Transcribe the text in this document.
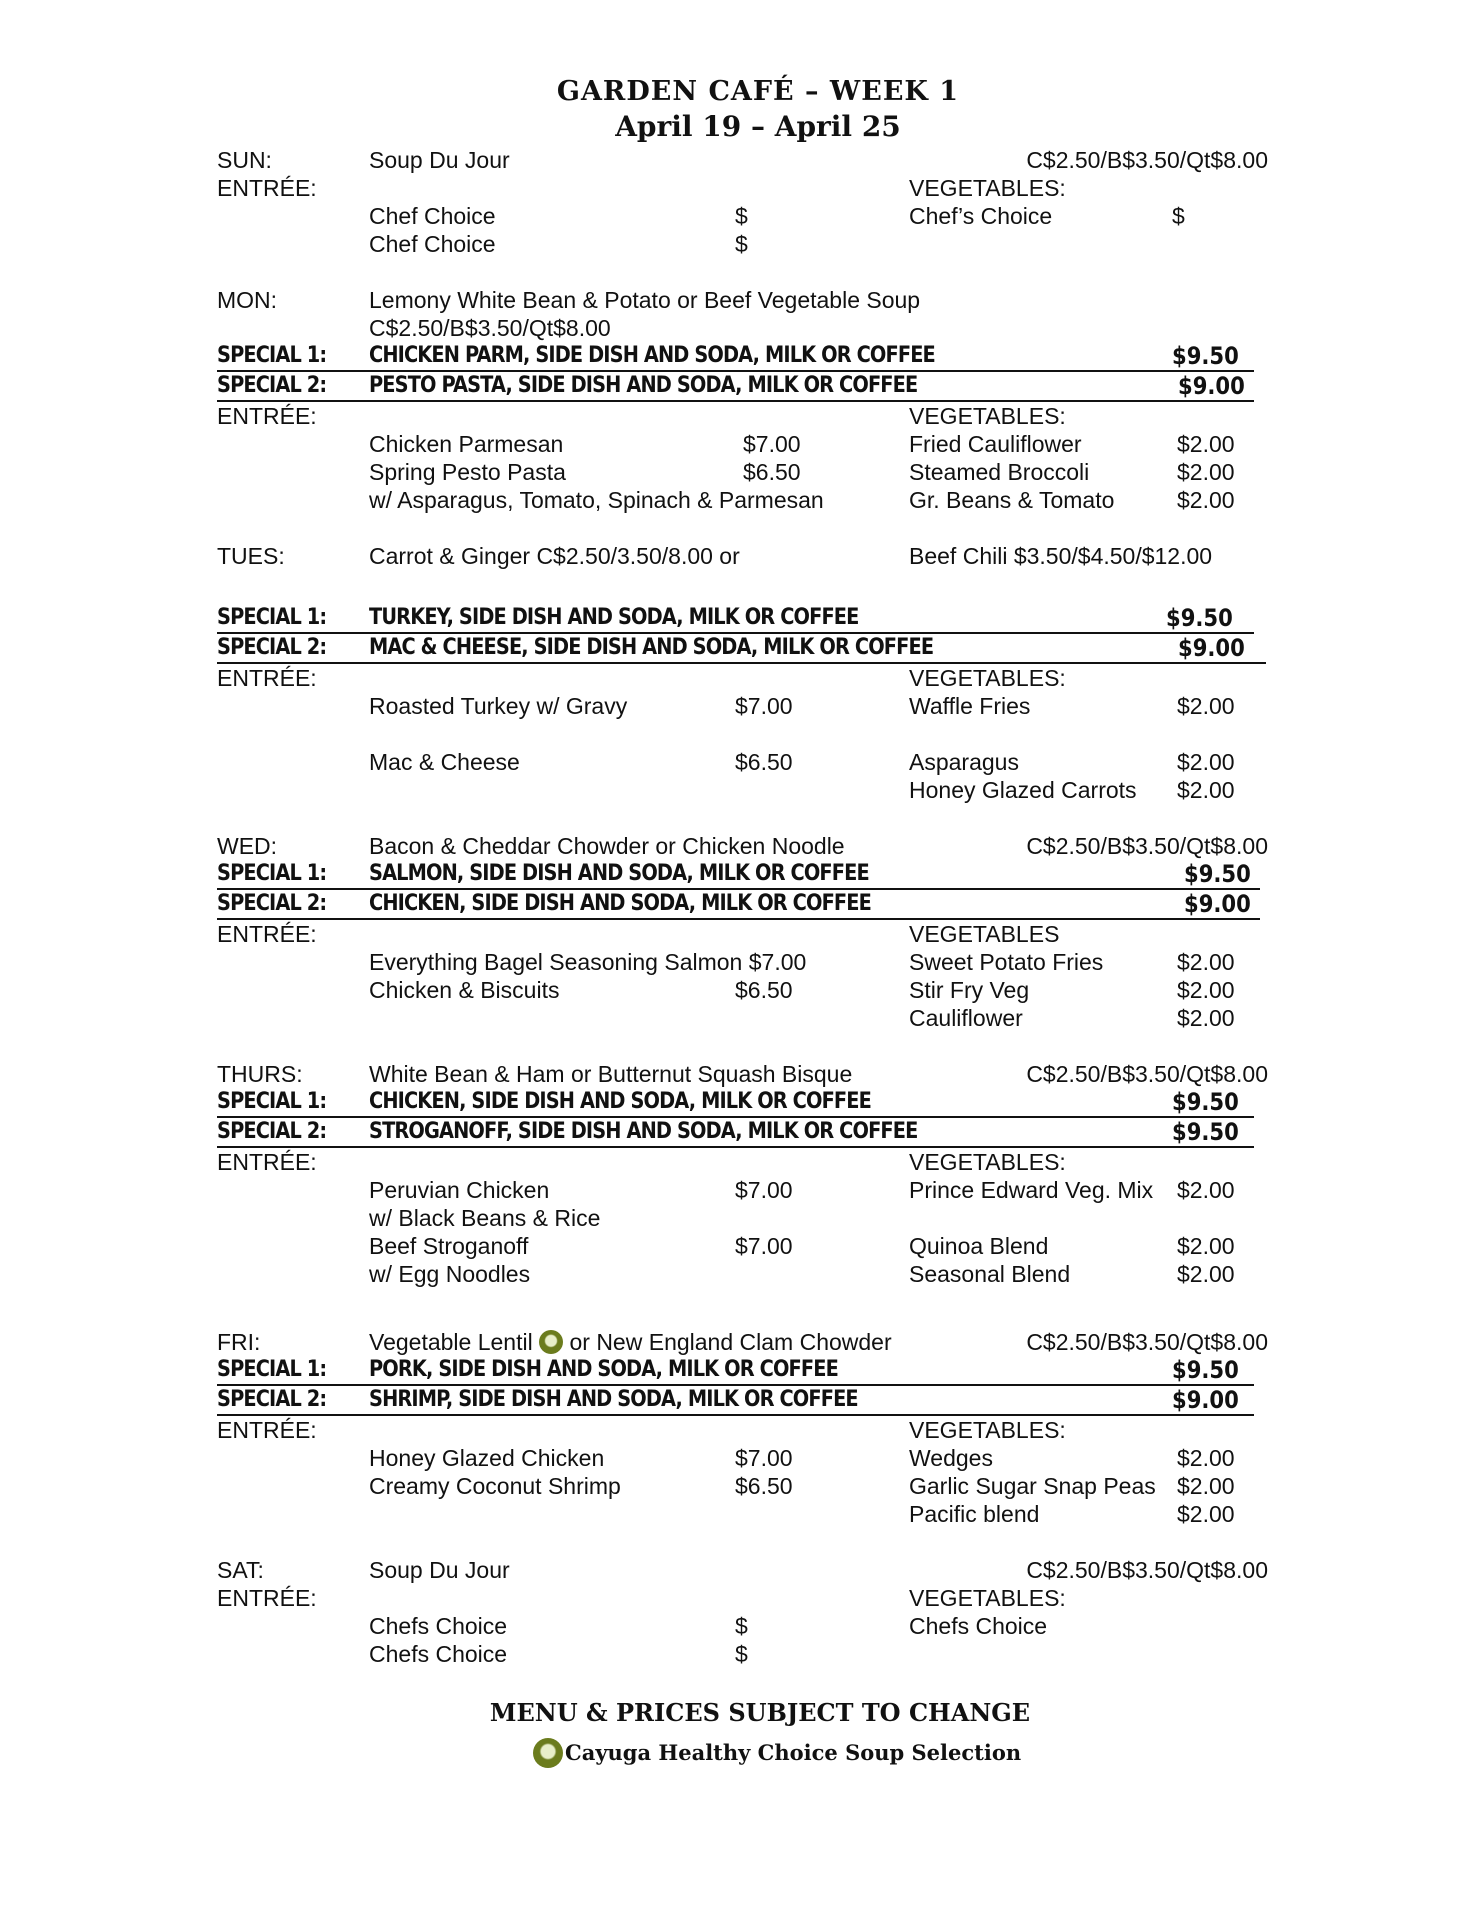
GARDEN CAFÉ – WEEK 1
April 19 – April 25
SUN:	Soup Du Jour	C$2.50/B$3.50/Qt$8.00
ENTRÉE:	VEGETABLES:
Chef Choice	$	Chef’s Choice	$
Chef Choice	$
MON:	Lemony White Bean & Potato or Beef Vegetable Soup
C$2.50/B$3.50/Qt$8.00
SPECIAL 1: CHICKEN PARM, SIDE DISH AND SODA, MILK OR COFFEE	$9.50
SPECIAL 2: PESTO PASTA, SIDE DISH AND SODA, MILK OR COFFEE	$9.00
ENTRÉE:	VEGETABLES:
Chicken Parmesan	$7.00	Fried Cauliflower	$2.00
Spring Pesto Pasta	$6.50	Steamed Broccoli	$2.00
w/ Asparagus, Tomato, Spinach & Parmesan	Gr. Beans & Tomato	$2.00
TUES:	Carrot & Ginger C$2.50/3.50/8.00 or	Beef Chili $3.50/$4.50/$12.00
SPECIAL 1: TURKEY, SIDE DISH AND SODA, MILK OR COFFEE	$9.50
SPECIAL 2: MAC & CHEESE, SIDE DISH AND SODA, MILK OR COFFEE	$9.00
ENTRÉE:	VEGETABLES:
Roasted Turkey w/ Gravy	$7.00	Waffle Fries	$2.00
Mac & Cheese	$6.50	Asparagus	$2.00
Honey Glazed Carrots $2.00
WED:	Bacon & Cheddar Chowder or Chicken Noodle	C$2.50/B$3.50/Qt$8.00
SPECIAL 1: SALMON, SIDE DISH AND SODA, MILK OR COFFEE	$9.50
SPECIAL 2: CHICKEN, SIDE DISH AND SODA, MILK OR COFFEE	$9.00
ENTRÉE:	VEGETABLES
Everything Bagel Seasoning Salmon $7.00	Sweet Potato Fries	$2.00
Chicken & Biscuits	$6.50	Stir Fry Veg	$2.00
Cauliflower	$2.00
THURS:	White Bean & Ham or Butternut Squash Bisque	C$2.50/B$3.50/Qt$8.00
SPECIAL 1: CHICKEN, SIDE DISH AND SODA, MILK OR COFFEE	$9.50
SPECIAL 2: STROGANOFF, SIDE DISH AND SODA, MILK OR COFFEE	$9.50
ENTRÉE:	VEGETABLES:
Peruvian Chicken	$7.00	Prince Edward Veg. Mix $2.00
w/ Black Beans & Rice
Beef Stroganoff	$7.00	Quinoa Blend	$2.00
w/ Egg Noodles	Seasonal Blend	$2.00
FRI:	Vegetable Lentil or New England Clam Chowder	C$2.50/B$3.50/Qt$8.00
SPECIAL 1: PORK, SIDE DISH AND SODA, MILK OR COFFEE	$9.50
SPECIAL 2: SHRIMP, SIDE DISH AND SODA, MILK OR COFFEE	$9.00
ENTRÉE:	VEGETABLES:
Honey Glazed Chicken	$7.00	Wedges	$2.00
Creamy Coconut Shrimp	$6.50	Garlic Sugar Snap Peas $2.00
Pacific blend	$2.00
SAT:	Soup Du Jour	C$2.50/B$3.50/Qt$8.00
ENTRÉE:	VEGETABLES:
Chefs Choice	$	Chefs Choice
Chefs Choice	$
MENU & PRICES SUBJECT TO CHANGE
Cayuga Healthy Choice Soup Selection
